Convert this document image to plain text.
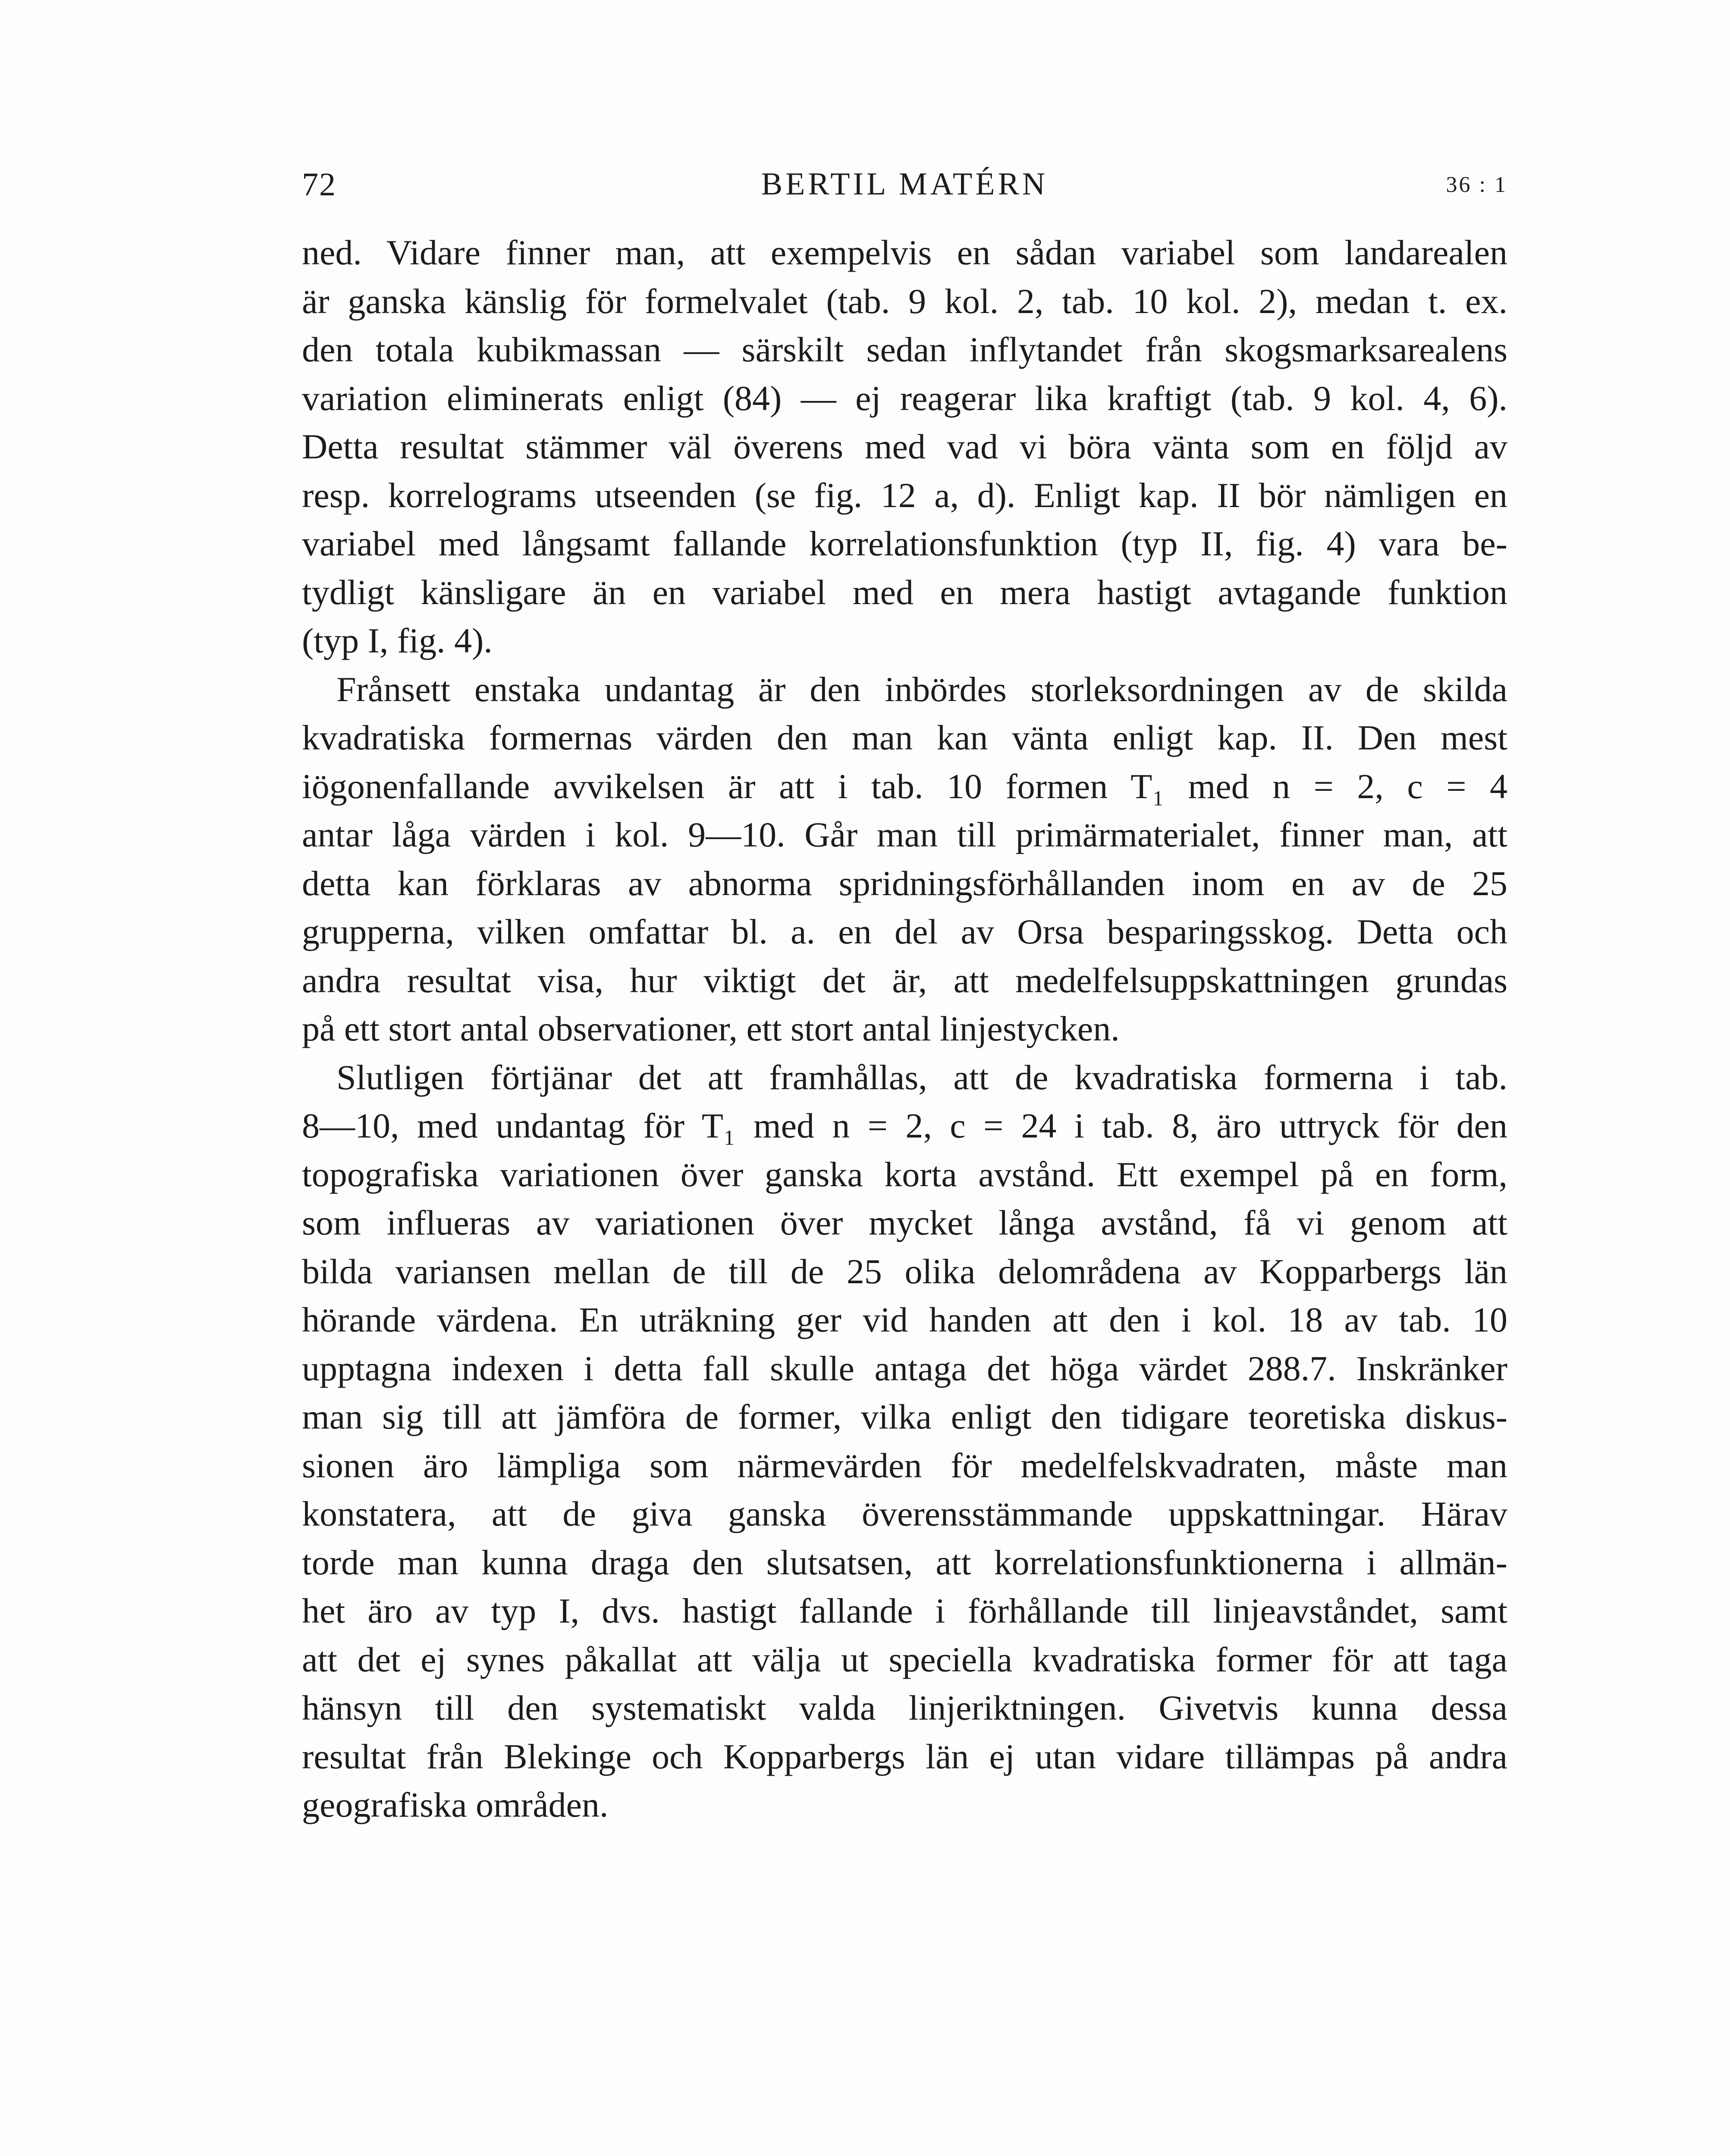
72	BERTIL MATÉRN	36 : 1
ned. Vidare finner man, att exempelvis en sådan variabel som landarealen
är ganska känslig för formelvalet (tab. 9 kol. 2, tab. 10 kol. 2), medan t. ex.
den totala kubikmassan — särskilt sedan inflytandet från skogsmarksarealens
variation eliminerats enligt (84) — ej reagerar lika kraftigt (tab. 9 kol. 4, 6).
Detta resultat stämmer väl överens med vad vi böra vänta som en följd av
resp. korrelograms utseenden (se fig. 12 a, d). Enligt kap. II bör nämligen en
variabel med långsamt fallande korrelationsfunktion (typ II, fig. 4) vara be-
tydligt känsligare än en variabel med en mera hastigt avtagande funktion
(typ I, fig. 4).
Frånsett enstaka undantag är den inbördes storleksordningen av de skilda
kvadratiska formernas värden den man kan vänta enligt kap. II. Den mest
iögonenfallande avvikelsen är att i tab. 10 formen T₁ med n = 2, c = 4
antar låga värden i kol. 9—10. Går man till primärmaterialet, finner man, att
detta kan förklaras av abnorma spridningsförhållanden inom en av de 25
grupperna, vilken omfattar bl. a. en del av Orsa besparingsskog. Detta och
andra resultat visa, hur viktigt det är, att medelfelsuppskattningen grundas
på ett stort antal observationer, ett stort antal linjestycken.
Slutligen förtjänar det att framhållas, att de kvadratiska formerna i tab.
8—10, med undantag för T₁ med n = 2, c = 24 i tab. 8, äro uttryck för den
topografiska variationen över ganska korta avstånd. Ett exempel på en form,
som influeras av variationen över mycket långa avstånd, få vi genom att
bilda variansen mellan de till de 25 olika delområdena av Kopparbergs län
hörande värdena. En uträkning ger vid handen att den i kol. 18 av tab. 10
upptagna indexen i detta fall skulle antaga det höga värdet 288.7. Inskränker
man sig till att jämföra de former, vilka enligt den tidigare teoretiska diskus-
sionen äro lämpliga som närmevärden för medelfelskvadraten, måste man
konstatera, att de giva ganska överensstämmande uppskattningar. Härav
torde man kunna draga den slutsatsen, att korrelationsfunktionerna i allmän-
het äro av typ I, dvs. hastigt fallande i förhållande till linjeavståndet, samt
att det ej synes påkallat att välja ut speciella kvadratiska former för att taga
hänsyn till den systematiskt valda linjeriktningen. Givetvis kunna dessa
resultat från Blekinge och Kopparbergs län ej utan vidare tillämpas på andra
geografiska områden.
